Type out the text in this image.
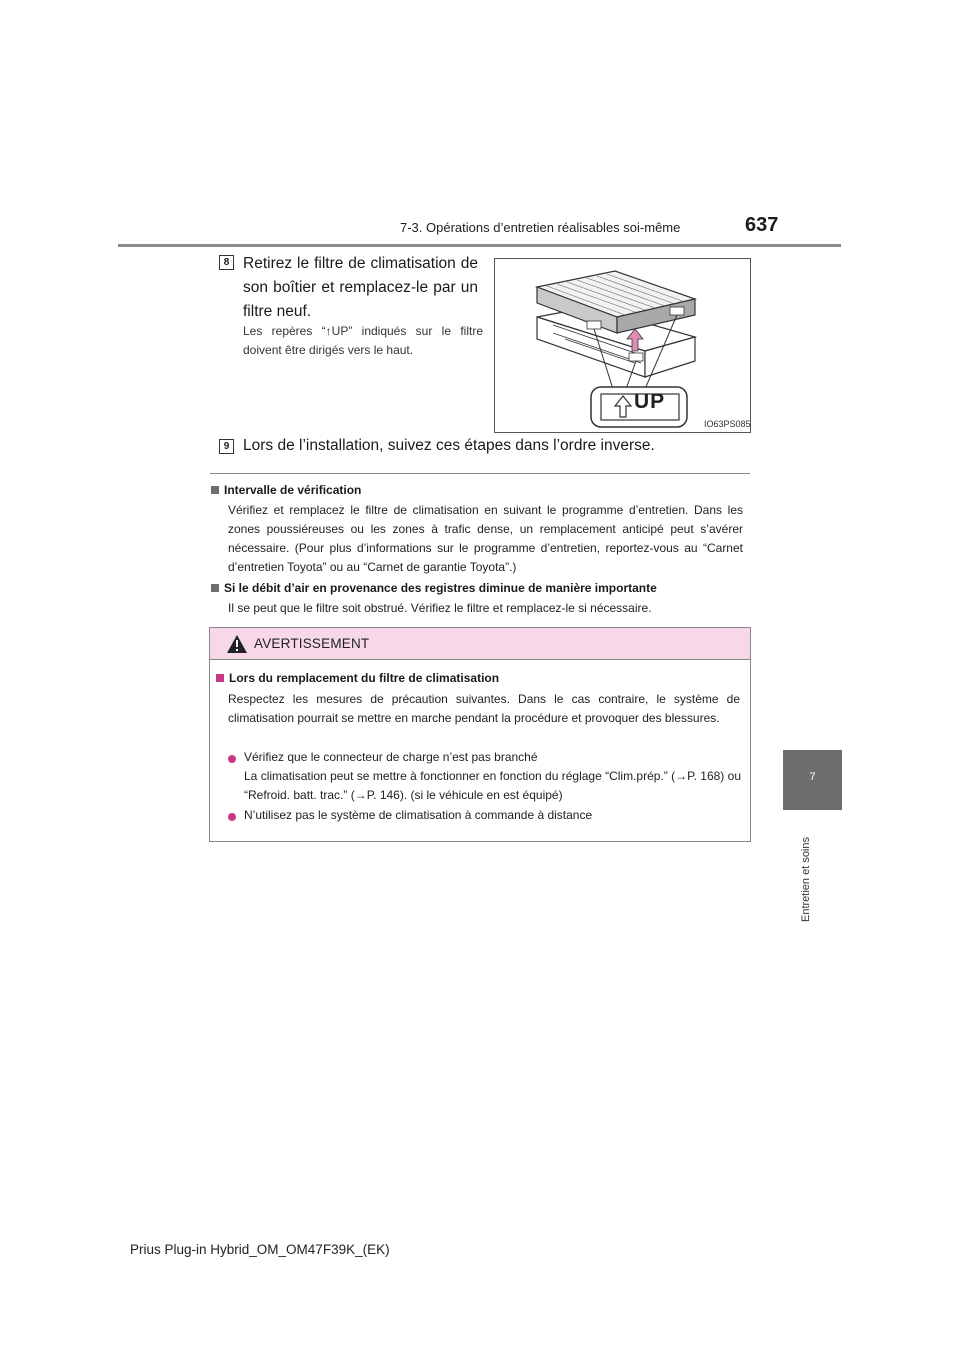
7-3. Opérations d’entretien réalisables soi-même	637
7
Entretien et soins
8 Retirez le filtre de climatisation de son boîtier et remplacez-le par un filtre neuf.
Les repères “↑UP” indiqués sur le filtre doivent être dirigés vers le haut.
UP
IO63PS085
9 Lors de l’installation, suivez ces étapes dans l’ordre inverse.
Intervalle de vérification
Vérifiez et remplacez le filtre de climatisation en suivant le programme d’entretien. Dans les zones poussiéreuses ou les zones à trafic dense, un remplacement anticipé peut s’avérer nécessaire. (Pour plus d’informations sur le programme d’entretien, reportez-vous au “Carnet d’entretien Toyota” ou au “Carnet de garantie Toyota”.)
Si le débit d’air en provenance des registres diminue de manière importante
Il se peut que le filtre soit obstrué. Vérifiez le filtre et remplacez-le si nécessaire.
AVERTISSEMENT
Lors du remplacement du filtre de climatisation
Respectez les mesures de précaution suivantes. Dans le cas contraire, le système de climatisation pourrait se mettre en marche pendant la procédure et provoquer des blessures.
Vérifiez que le connecteur de charge n’est pas branché
La climatisation peut se mettre à fonctionner en fonction du réglage “Clim.prép.” (→P. 168) ou “Refroid. batt. trac.” (→P. 146). (si le véhicule en est équipé)
N’utilisez pas le système de climatisation à commande à distance
Prius Plug-in Hybrid_OM_OM47F39K_(EK)
